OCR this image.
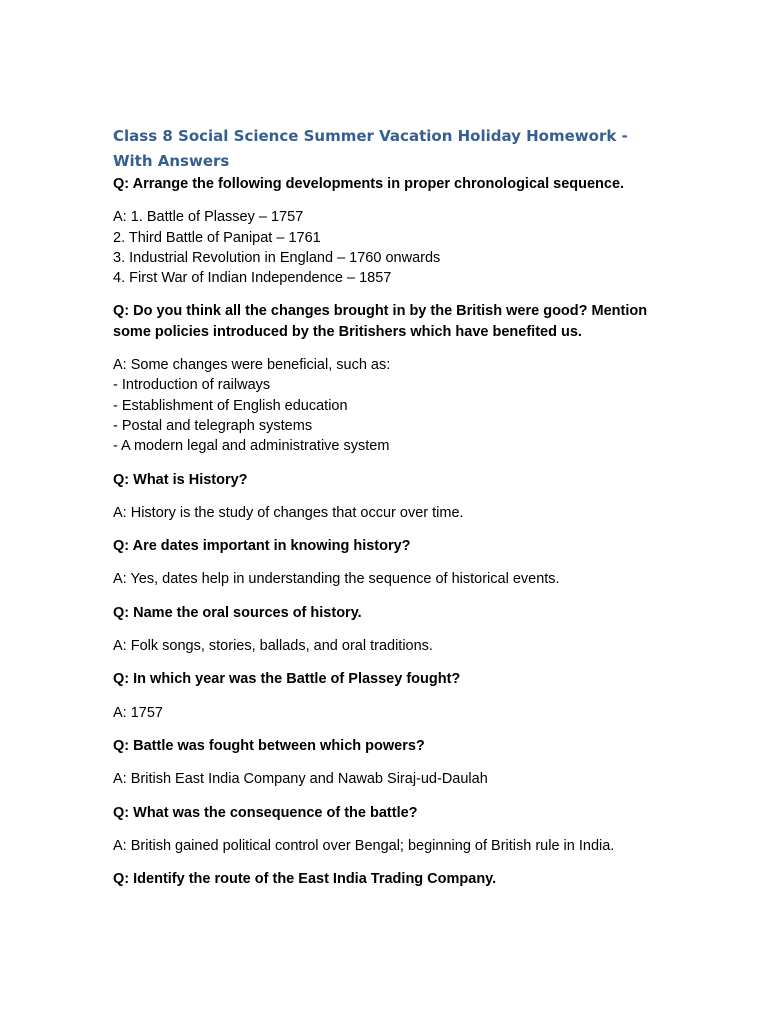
Class 8 Social Science Summer Vacation Holiday Homework - With Answers

Q: Arrange the following developments in proper chronological sequence.

A: 1. Battle of Plassey – 1757
2. Third Battle of Panipat – 1761
3. Industrial Revolution in England – 1760 onwards
4. First War of Indian Independence – 1857

Q: Do you think all the changes brought in by the British were good? Mention some policies introduced by the Britishers which have benefited us.

A: Some changes were beneficial, such as:
- Introduction of railways
- Establishment of English education
- Postal and telegraph systems
- A modern legal and administrative system

Q: What is History?

A: History is the study of changes that occur over time.

Q: Are dates important in knowing history?

A: Yes, dates help in understanding the sequence of historical events.

Q: Name the oral sources of history.

A: Folk songs, stories, ballads, and oral traditions.

Q: In which year was the Battle of Plassey fought?

A: 1757

Q: Battle was fought between which powers?

A: British East India Company and Nawab Siraj-ud-Daulah

Q: What was the consequence of the battle?

A: British gained political control over Bengal; beginning of British rule in India.

Q: Identify the route of the East India Trading Company.
